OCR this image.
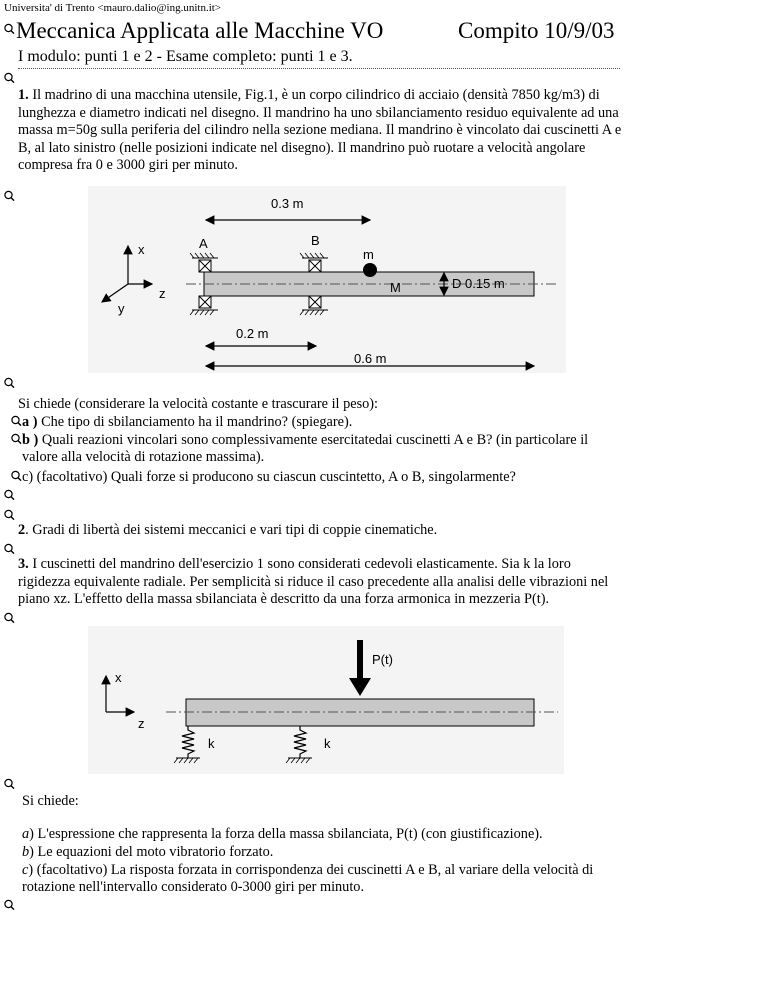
Universita' di Trento <mauro.dalio@ing.unitn.it>
Meccanica Applicata alle Macchine VO	Compito 10/9/03
I modulo: punti 1 e 2 - Esame completo: punti 1 e 3.
1. Il madrino di una macchina utensile, Fig.1, è un corpo cilindrico di acciaio (densità 7850 kg/m3) di lunghezza e diametro indicati nel disegno. Il mandrino ha uno sbilanciamento residuo equivalente ad una massa m=50g sulla periferia del cilindro nella sezione mediana. Il mandrino è vincolato dai cuscinetti A e B, al lato sinistro (nelle posizioni indicate nel disegno). Il mandrino può ruotare a velocità angolare compresa fra 0 e 3000 giri per minuto.
0.3 m
x
z
y
A	B
m
M	D 0.15 m
0.2 m
0.6 m
Si chiede (considerare la velocità costante e trascurare il peso):
a ) Che tipo di sbilanciamento ha il mandrino? (spiegare).
b ) Quali reazioni vincolari sono complessivamente esercitatedai cuscinetti A e B? (in particolare il
valore alla velocità di rotazione massima).
c) (facoltativo) Quali forze si producono su ciascun cuscintetto, A o B, singolarmente?
2. Gradi di libertà dei sistemi meccanici e vari tipi di coppie cinematiche.
3. I cuscinetti del mandrino dell'esercizio 1 sono considerati cedevoli elasticamente. Sia k la loro rigidezza equivalente radiale. Per semplicità si riduce il caso precedente alla analisi delle vibrazioni nel piano xz. L'effetto della massa sbilanciata è descritto da una forza armonica in mezzeria P(t).
P(t)
x
z
k	k
Si chiede:
a) L'espressione che rappresenta la forza della massa sbilanciata, P(t) (con giustificazione).
b) Le equazioni del moto vibratorio forzato.
c) (facoltativo) La risposta forzata in corrispondenza dei cuscinetti A e B, al variare della velocità di
rotazione nell'intervallo considerato 0-3000 giri per minuto.
